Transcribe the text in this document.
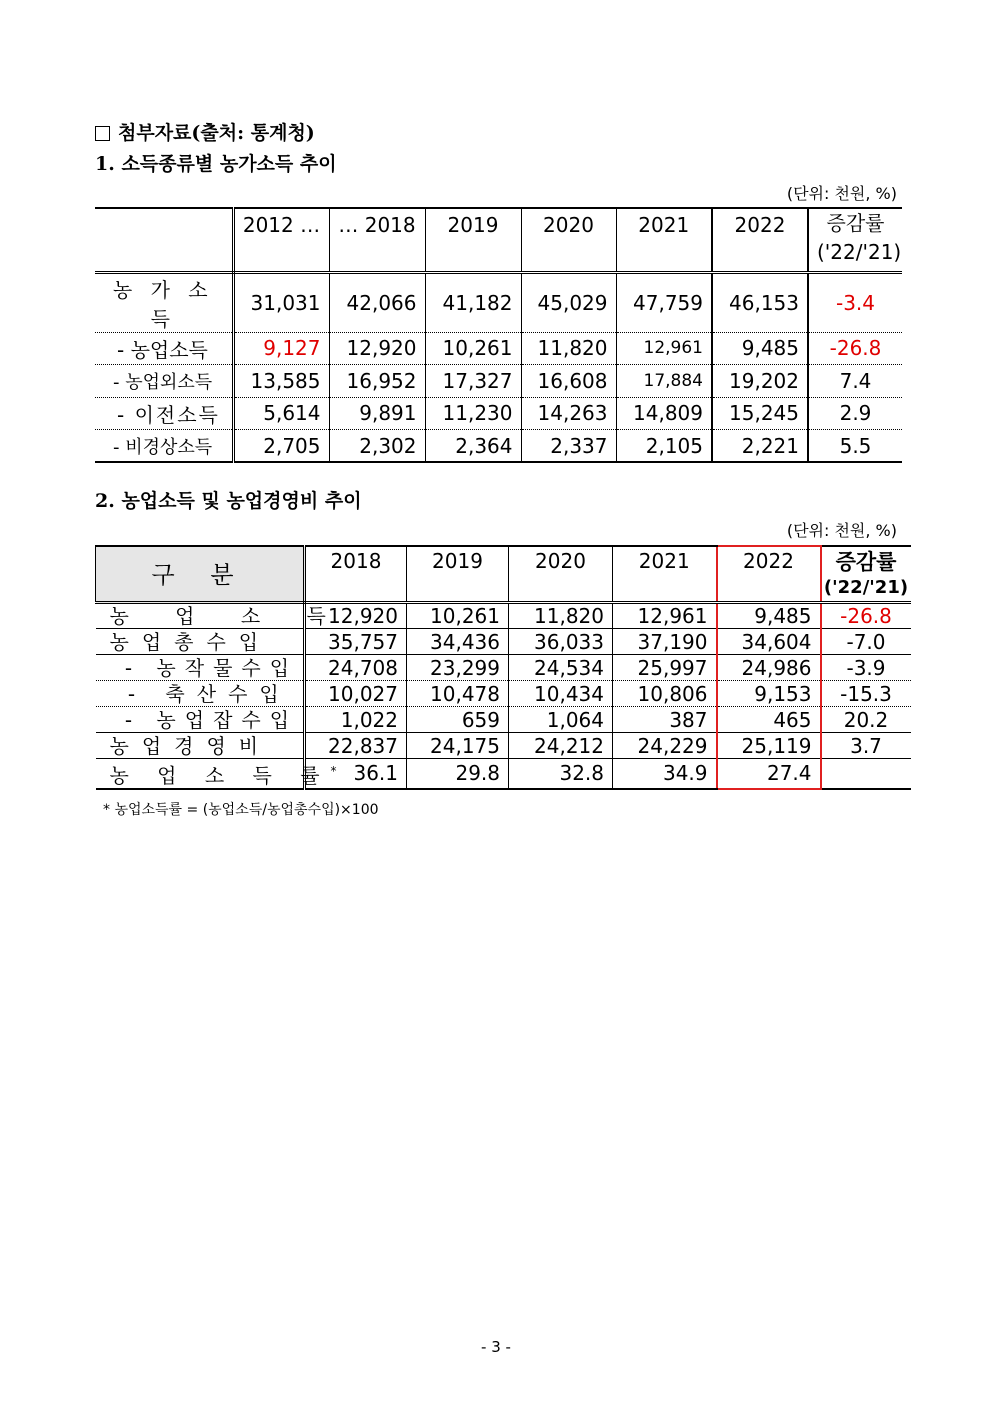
첨부자료(출처: 통계청)
1. 소득종류별 농가소득 추이
(단위: 천원, %)
	2012 …	… 2018	2019	2020	2021	2022	증감률
('22/'21)
농 가 소 득	31,031	42,066	41,182	45,029	47,759	46,153	-3.4
- 농업소득	9,127	12,920	10,261	11,820	12,961	9,485	-26.8
- 농업외소득	13,585	16,952	17,327	16,608	17,884	19,202	7.4
- 이전소득	5,614	9,891	11,230	14,263	14,809	15,245	2.9
- 비경상소득	2,705	2,302	2,364	2,337	2,105	2,221	5.5
2. 농업소득 및 농업경영비 추이
(단위: 천원, %)
구 분	2018	2019	2020	2021	2022	증감률
('22/'21)

농 업 소 득	12,920	10,261	11,820	12,961	9,485	-26.8
농업총수입	35,757	34,436	36,033	37,190	34,604	-7.0
- 농작물수입	24,708	23,299	24,534	25,997	24,986	-3.9
- 축산수입	10,027	10,478	10,434	10,806	9,153	-15.3
- 농업잡수입	1,022	659	1,064	387	465	20.2
농업경영비	22,837	24,175	24,212	24,229	25,119	3.7
농 업 소 득 률*	36.1	29.8	32.8	34.9	27.4	
* 농업소득률 = (농업소득/농업총수입)×100
- 3 -
